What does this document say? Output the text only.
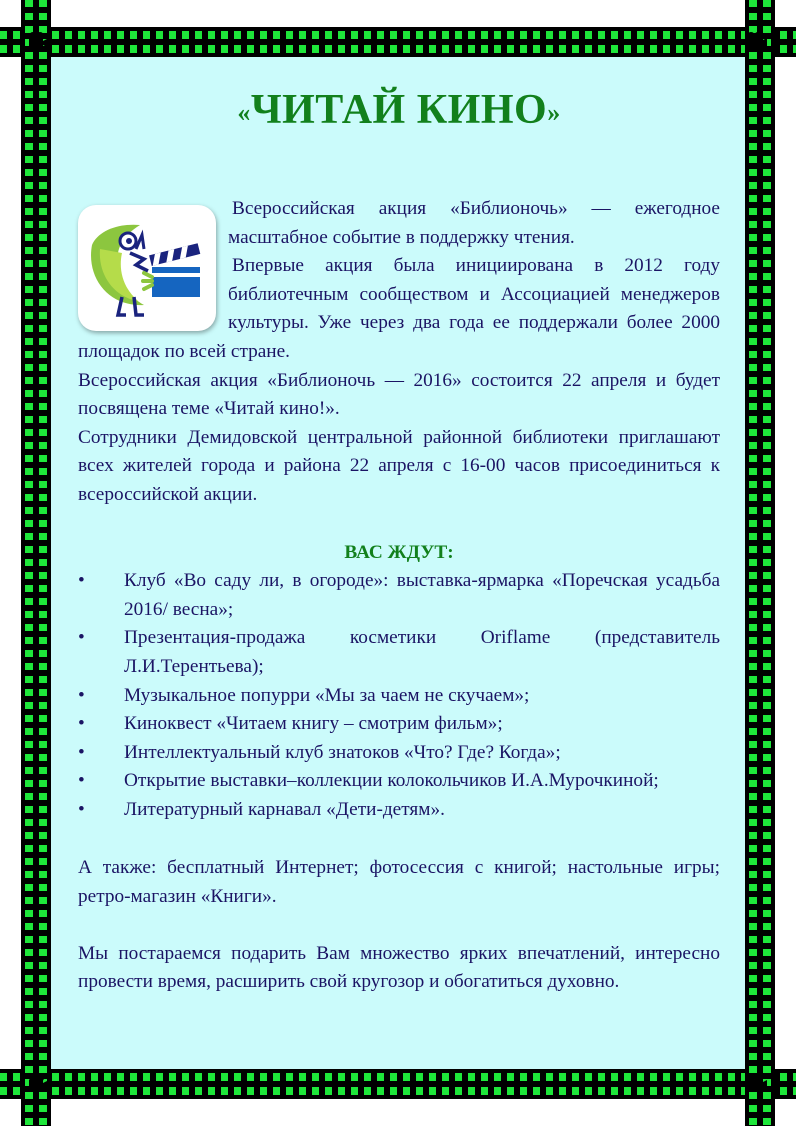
«ЧИТАЙ КИНО»

Всероссийская акция «Библионочь» — ежегодное масштабное событие в поддержку чтения.

Впервые акция была инициирована в 2012 году библиотечным сообществом и Ассоциацией менеджеров культуры. Уже через два года ее поддержали более 2000 площадок по всей стране.

Всероссийская акция «Библионочь — 2016» состоится 22 апреля и будет посвящена теме «Читай кино!».

Сотрудники Демидовской центральной районной библиотеки приглашают всех жителей города и района 22 апреля с 16-00 часов присоединиться к всероссийской акции.

ВАС ЖДУТ:
•	Клуб «Во саду ли, в огороде»: выставка-ярмарка «Поречская усадьба 2016/ весна»;
•	Презентация-продажа косметики Oriflame (представитель Л.И.Терентьева);
•	Музыкальное попурри «Мы за чаем не скучаем»;
•	Киноквест «Читаем книгу – смотрим фильм»;
•	Интеллектуальный клуб знатоков «Что? Где? Когда»;
•	Открытие выставки–коллекции колокольчиков И.А.Мурочкиной;
•	Литературный карнавал «Дети-детям».

А также: бесплатный Интернет; фотосессия с книгой; настольные игры; ретро-магазин «Книги».

Мы постараемся подарить Вам множество ярких впечатлений, интересно провести время, расширить свой кругозор и обогатиться духовно.
